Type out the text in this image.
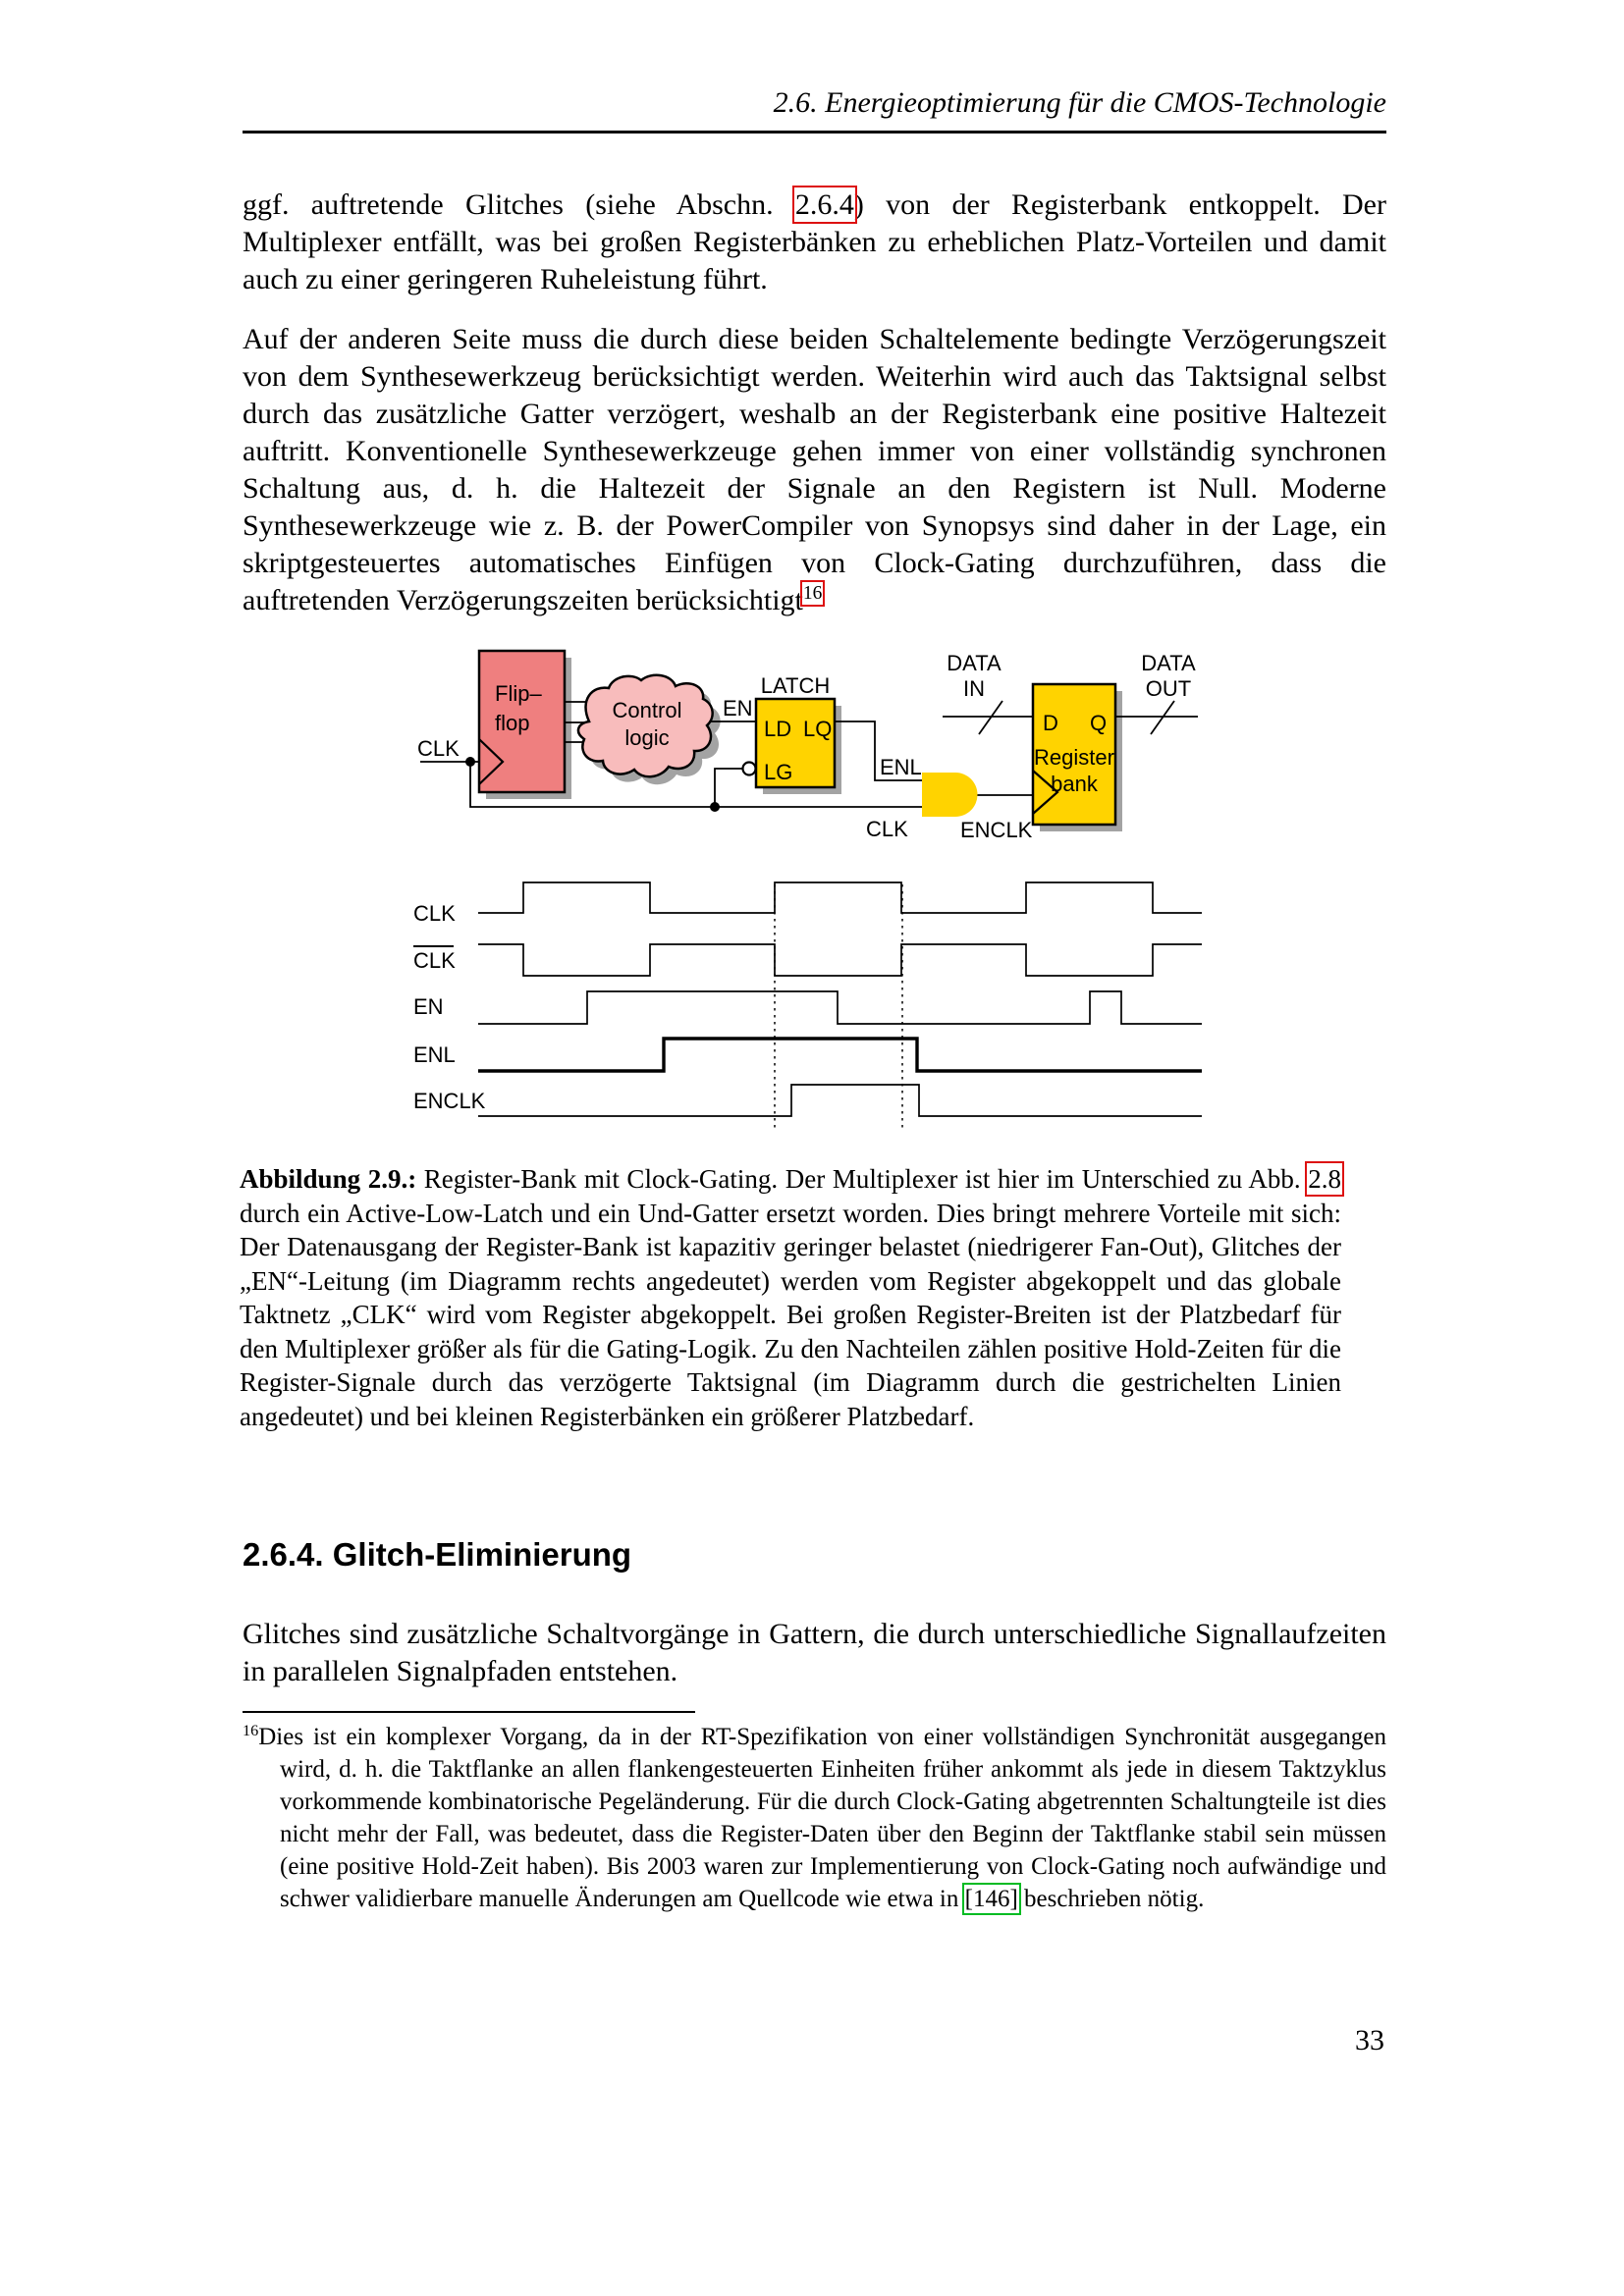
2.6. Energieoptimierung für die CMOS-Technologie
ggf. auftretende Glitches (siehe Abschn. 2.6.4) von der Registerbank entkoppelt. Der Multiplexer entfällt, was bei großen Registerbänken zu erheblichen Platz-Vorteilen und damit auch zu einer geringeren Ruheleistung führt.
Auf der anderen Seite muss die durch diese beiden Schaltelemente bedingte Verzögerungszeit von dem Synthesewerkzeug berücksichtigt werden. Weiterhin wird auch das Taktsignal selbst durch das zusätzliche Gatter verzögert, weshalb an der Registerbank eine positive Haltezeit auftritt. Konventionelle Synthesewerkzeuge gehen immer von einer vollständig synchronen Schaltung aus, d. h. die Haltezeit der Signale an den Registern ist Null. Moderne Synthesewerkzeuge wie z. B. der PowerCompiler von Synopsys sind daher in der Lage, ein skriptgesteuertes automatisches Einfügen von Clock-Gating durchzuführen, dass die auftretenden Verzögerungszeiten berücksichtigt$^{16}$
CLK
Flip–
flop
Control
logic
EN
LATCH
LD LQ
LG	ENL
CLK ENCLK
D Q
Register
bank
DATA
IN
DATA
OUT
CLK
CLK
EN
ENL
ENCLK
Abbildung 2.9.: Register-Bank mit Clock-Gating. Der Multiplexer ist hier im Unterschied zu Abb. 2.8 durch ein Active-Low-Latch und ein Und-Gatter ersetzt worden. Dies bringt mehrere Vorteile mit sich: Der Datenausgang der Register-Bank ist kapazitiv geringer belastet (niedrigerer Fan-Out), Glitches der „EN“-Leitung (im Diagramm rechts angedeutet) werden vom Register abgekoppelt und das globale Taktnetz „CLK“ wird vom Register abgekoppelt. Bei großen Register-Breiten ist der Platzbedarf für den Multiplexer größer als für die Gating-Logik. Zu den Nachteilen zählen positive Hold-Zeiten für die Register-Signale durch das verzögerte Taktsignal (im Diagramm durch die gestrichelten Linien angedeutet) und bei kleinen Registerbänken ein größerer Platzbedarf.
2.6.4. Glitch-Eliminierung
Glitches sind zusätzliche Schaltvorgänge in Gattern, die durch unterschiedliche Signallaufzeiten in parallelen Signalpfaden entstehen.
$^{16}$Dies ist ein komplexer Vorgang, da in der RT-Spezifikation von einer vollständigen Synchronität ausgegangen wird, d. h. die Taktflanke an allen flankengesteuerten Einheiten früher ankommt als jede in diesem Taktzyklus vorkommende kombinatorische Pegeländerung. Für die durch Clock-Gating abgetrennten Schaltungteile ist dies nicht mehr der Fall, was bedeutet, dass die Register-Daten über den Beginn der Taktflanke stabil sein müssen (eine positive Hold-Zeit haben). Bis 2003 waren zur Implementierung von Clock-Gating noch aufwändige und schwer validierbare manuelle Änderungen am Quellcode wie etwa in [146] beschrieben nötig.
33
